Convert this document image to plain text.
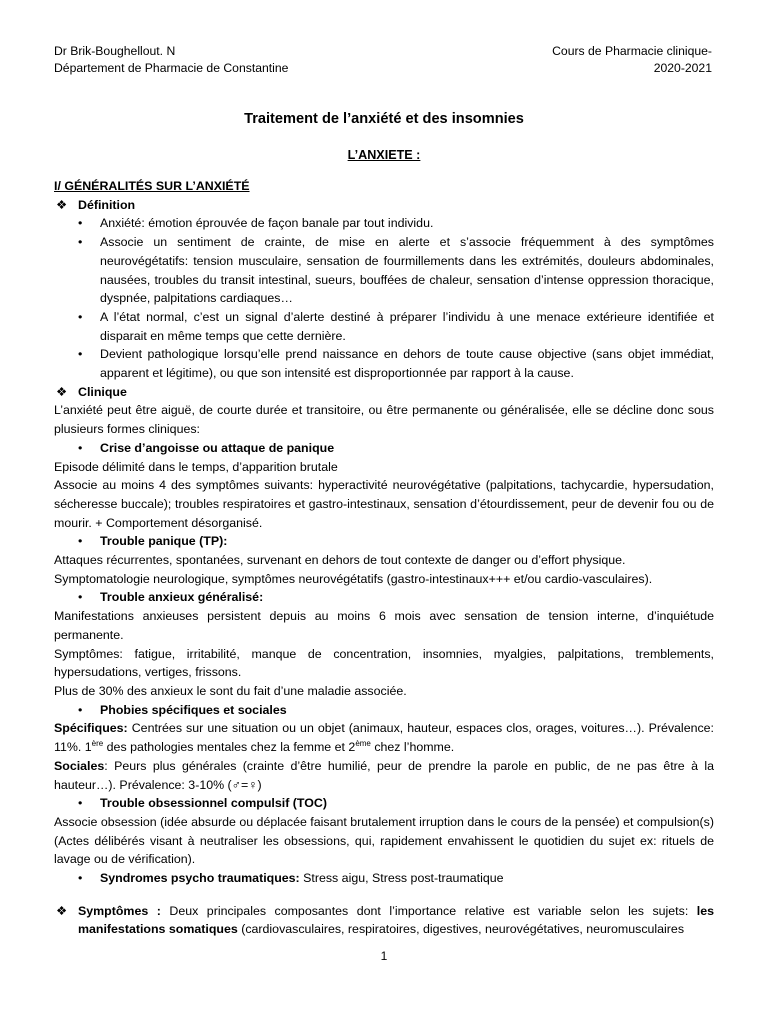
Dr Brik-Boughellout. N
Département de Pharmacie de Constantine
Cours de Pharmacie clinique-
2020-2021
Traitement de l’anxiété et des insomnies
L’ANXIETE :
I/ GÉNÉRALITÉS SUR L’ANXIÉTÉ
❖ Définition
• Anxiété: émotion éprouvée de façon banale par tout individu.
• Associe un sentiment de crainte, de mise en alerte et s’associe fréquemment à des symptômes neurovégétatifs: tension musculaire, sensation de fourmillements dans les extrémités, douleurs abdominales, nausées, troubles du transit intestinal, sueurs, bouffées de chaleur, sensation d’intense oppression thoracique, dyspnée, palpitations cardiaques…
• A l’état normal, c’est un signal d’alerte destiné à préparer l’individu à une menace extérieure identifiée et disparait en même temps que cette dernière.
• Devient pathologique lorsqu’elle prend naissance en dehors de toute cause objective (sans objet immédiat, apparent et légitime), ou que son intensité est disproportionnée par rapport à la cause.
❖ Clinique
L’anxiété peut être aiguë, de courte durée et transitoire, ou être permanente ou généralisée, elle se décline donc sous plusieurs formes cliniques:
• Crise d’angoisse ou attaque de panique
Episode délimité dans le temps, d’apparition brutale
Associe au moins 4 des symptômes suivants: hyperactivité neurovégétative (palpitations, tachycardie, hypersudation, sécheresse buccale); troubles respiratoires et gastro-intestinaux, sensation d’étourdissement, peur de devenir fou ou de mourir. + Comportement désorganisé.
• Trouble panique (TP):
Attaques récurrentes, spontanées, survenant en dehors de tout contexte de danger ou d’effort physique.
Symptomatologie neurologique, symptômes neurovégétatifs (gastro-intestinaux+++ et/ou cardio-vasculaires).
• Trouble anxieux généralisé:
Manifestations anxieuses persistent depuis au moins 6 mois avec sensation de tension interne, d’inquiétude permanente.
Symptômes: fatigue, irritabilité, manque de concentration, insomnies, myalgies, palpitations, tremblements, hypersudations, vertiges, frissons.
Plus de 30% des anxieux le sont du fait d’une maladie associée.
• Phobies spécifiques et sociales
Spécifiques: Centrées sur une situation ou un objet (animaux, hauteur, espaces clos, orages, voitures…). Prévalence: 11%. 1ère des pathologies mentales chez la femme et 2ème chez l’homme.
Sociales: Peurs plus générales (crainte d’être humilié, peur de prendre la parole en public, de ne pas être à la hauteur…). Prévalence: 3-10% (♂=♀)
• Trouble obsessionnel compulsif (TOC)
Associe obsession (idée absurde ou déplacée faisant brutalement irruption dans le cours de la pensée) et compulsion(s) (Actes délibérés visant à neutraliser les obsessions, qui, rapidement envahissent le quotidien du sujet ex: rituels de lavage ou de vérification).
• Syndromes psycho traumatiques: Stress aigu, Stress post-traumatique
❖ Symptômes : Deux principales composantes dont l’importance relative est variable selon les sujets: les manifestations somatiques (cardiovasculaires, respiratoires, digestives, neurovégétatives, neuromusculaires
1
